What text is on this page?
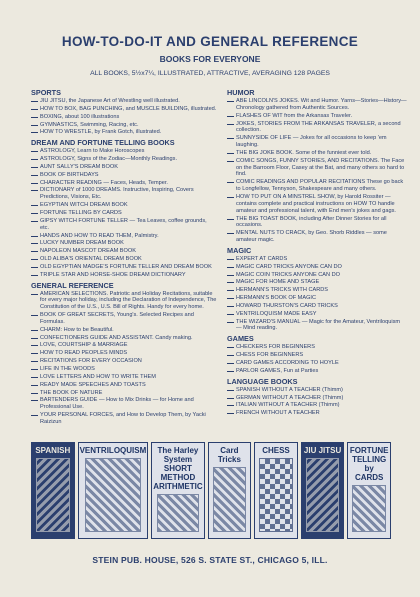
HOW-TO-DO-IT AND GENERAL REFERENCE
BOOKS FOR EVERYONE
ALL BOOKS, 5½x7¼, ILLUSTRATED, ATTRACTIVE, AVERAGING 128 PAGES
SPORTS
JIU JITSU, the Japanese Art of Wrestling well illustrated.
HOW TO BOX, BAG PUNCHING, and MUSCLE BUILDING, illustrated.
BOXING, about 100 illustrations
GYMNASTICS, Swimming, Racing, etc.
HOW TO WRESTLE, by Frank Gotch, illustrated.
DREAM AND FORTUNE TELLING BOOKS
ASTROLOGY, Learn to Make Horoscopes
ASTROLOGY, Signs of the Zodiac—Monthly Readings.
AUNT SALLY'S DREAM BOOK
BOOK OF BIRTHDAYS
CHARACTER READING — Faces, Heads, Temper.
DICTIONARY of 1000 DREAMS. Instructive, Inspiring, Covers Predictions, Visions, Etc.
EGYPTIAN WITCH DREAM BOOK
FORTUNE TELLING BY CARDS
GIPSY WITCH FORTUNE TELLER — Tea Leaves, coffee grounds, etc.
HANDS AND HOW TO READ THEM, Palmistry.
LUCKY NUMBER DREAM BOOK
NAPOLEON MASCOT DREAM BOOK
OLD ALIBA'S ORIENTAL DREAM BOOK
OLD EGYPTIAN MADGE'S FORTUNE TELLER AND DREAM BOOK
TRIPLE STAR AND HORSE-SHOE DREAM DICTIONARY
GENERAL REFERENCE
AMERICAN SELECTIONS. Patriotic and Holiday Recitations, suitable for every major holiday, including the Declaration of Independence, The Constitution of the U.S., U.S. Bill of Rights. Handy for every home.
BOOK OF GREAT SECRETS, Young's. Selected Recipes and Formulas.
CHARM: How to be Beautiful.
CONFECTIONERS GUIDE AND ASSISTANT. Candy making.
LOVE, COURTSHIP & MARRIAGE
HOW TO READ PEOPLES MINDS
RECITATIONS FOR EVERY OCCASION
LIFE IN THE WOODS
LOVE LETTERS AND HOW TO WRITE THEM
READY MADE SPEECHES AND TOASTS
THE BOOK OF NATURE
BARTENDERS GUIDE — How to Mix Drinks — for Home and Professional Use.
YOUR PERSONAL FORCES, and How to Develop Them, by Yacki Raizizun
HUMOR
ABE LINCOLN'S JOKES. Wit and Humor. Yarns—Stories—History—Chronology gathered from Authentic Sources.
FLASHES OF WIT from the Arkansas Traveler.
JOKES, STORIES FROM THE ARKANSAS TRAVELER, a second collection.
SUNNYSIDE OF LIFE — Jokes for all occasions to keep 'em laughing.
THE BIG JOKE BOOK. Some of the funniest ever told.
COMIC SONGS, FUNNY STORIES, AND RECITATIONS. The Face on the Barroom Floor, Casey at the Bat, and many others so hard to find.
COMIC READINGS AND POPULAR RECITATIONS These go back to Longfellow, Tennyson, Shakespeare and many others.
HOW TO PUT ON A MINSTREL SHOW, by Harold Rossiter — contains complete and practical instructions on HOW TO handle amateur and professional talent, with End men's jokes and gags.
THE BIG TOAST BOOK, including After Dinner Stories for all occasions.
MENTAL NUTS TO CRACK, by Geo. Shorb Riddles — some amateur magic.
MAGIC
EXPERT AT CARDS
MAGIC CARD TRICKS ANYONE CAN DO
MAGIC COIN TRICKS ANYONE CAN DO
MAGIC FOR HOME AND STAGE
HERMANN'S TRICKS WITH CARDS
HERMANN'S BOOK OF MAGIC
HOWARD THURSTON'S CARD TRICKS
VENTRILOQUISM MADE EASY
THE WIZARD'S MANUAL — Magic for the Amateur, Ventriloquism — Mind reading.
GAMES
CHECKERS FOR BEGINNERS
CHESS FOR BEGINNERS
CARD GAMES ACCORDING TO HOYLE
PARLOR GAMES, Fun at Parties
LANGUAGE BOOKS
SPANISH WITHOUT A TEACHER (Thimm)
GERMAN WITHOUT A TEACHER (Thimm)
ITALIAN WITHOUT A TEACHER (Thimm)
FRENCH WITHOUT A TEACHER
SPANISH VENTRILOQUISM	The Harley System SHORT METHOD ARITHMETIC
Card Tricks
CHESS JIU JITSU FORTUNE TELLING by CARDS
STEIN PUB. HOUSE, 526 S. STATE ST., CHICAGO 5, ILL.
